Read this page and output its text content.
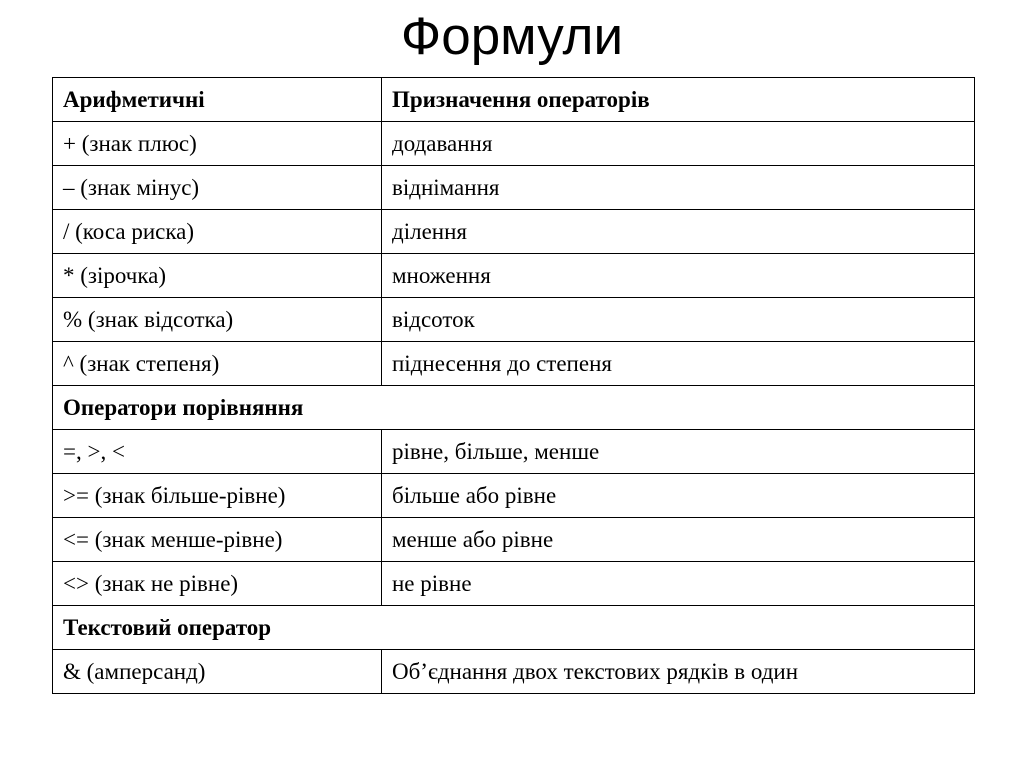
Формули
Арифметичні	Призначення операторів
+ (знак плюс)	додавання
– (знак мінус)	віднімання
/ (коса риска)	ділення
* (зірочка)	множення
% (знак відсотка)	відсоток
^ (знак степеня)	піднесення до степеня
Оператори порівняння	
=, >, <	рівне, більше, менше
>= (знак більше-рівне)	більше або рівне
<= (знак менше-рівне)	менше або рівне
<> (знак не рівне)	не рівне
Текстовий оператор	
& (амперсанд)	Об’єднання двох текстових рядків в один
